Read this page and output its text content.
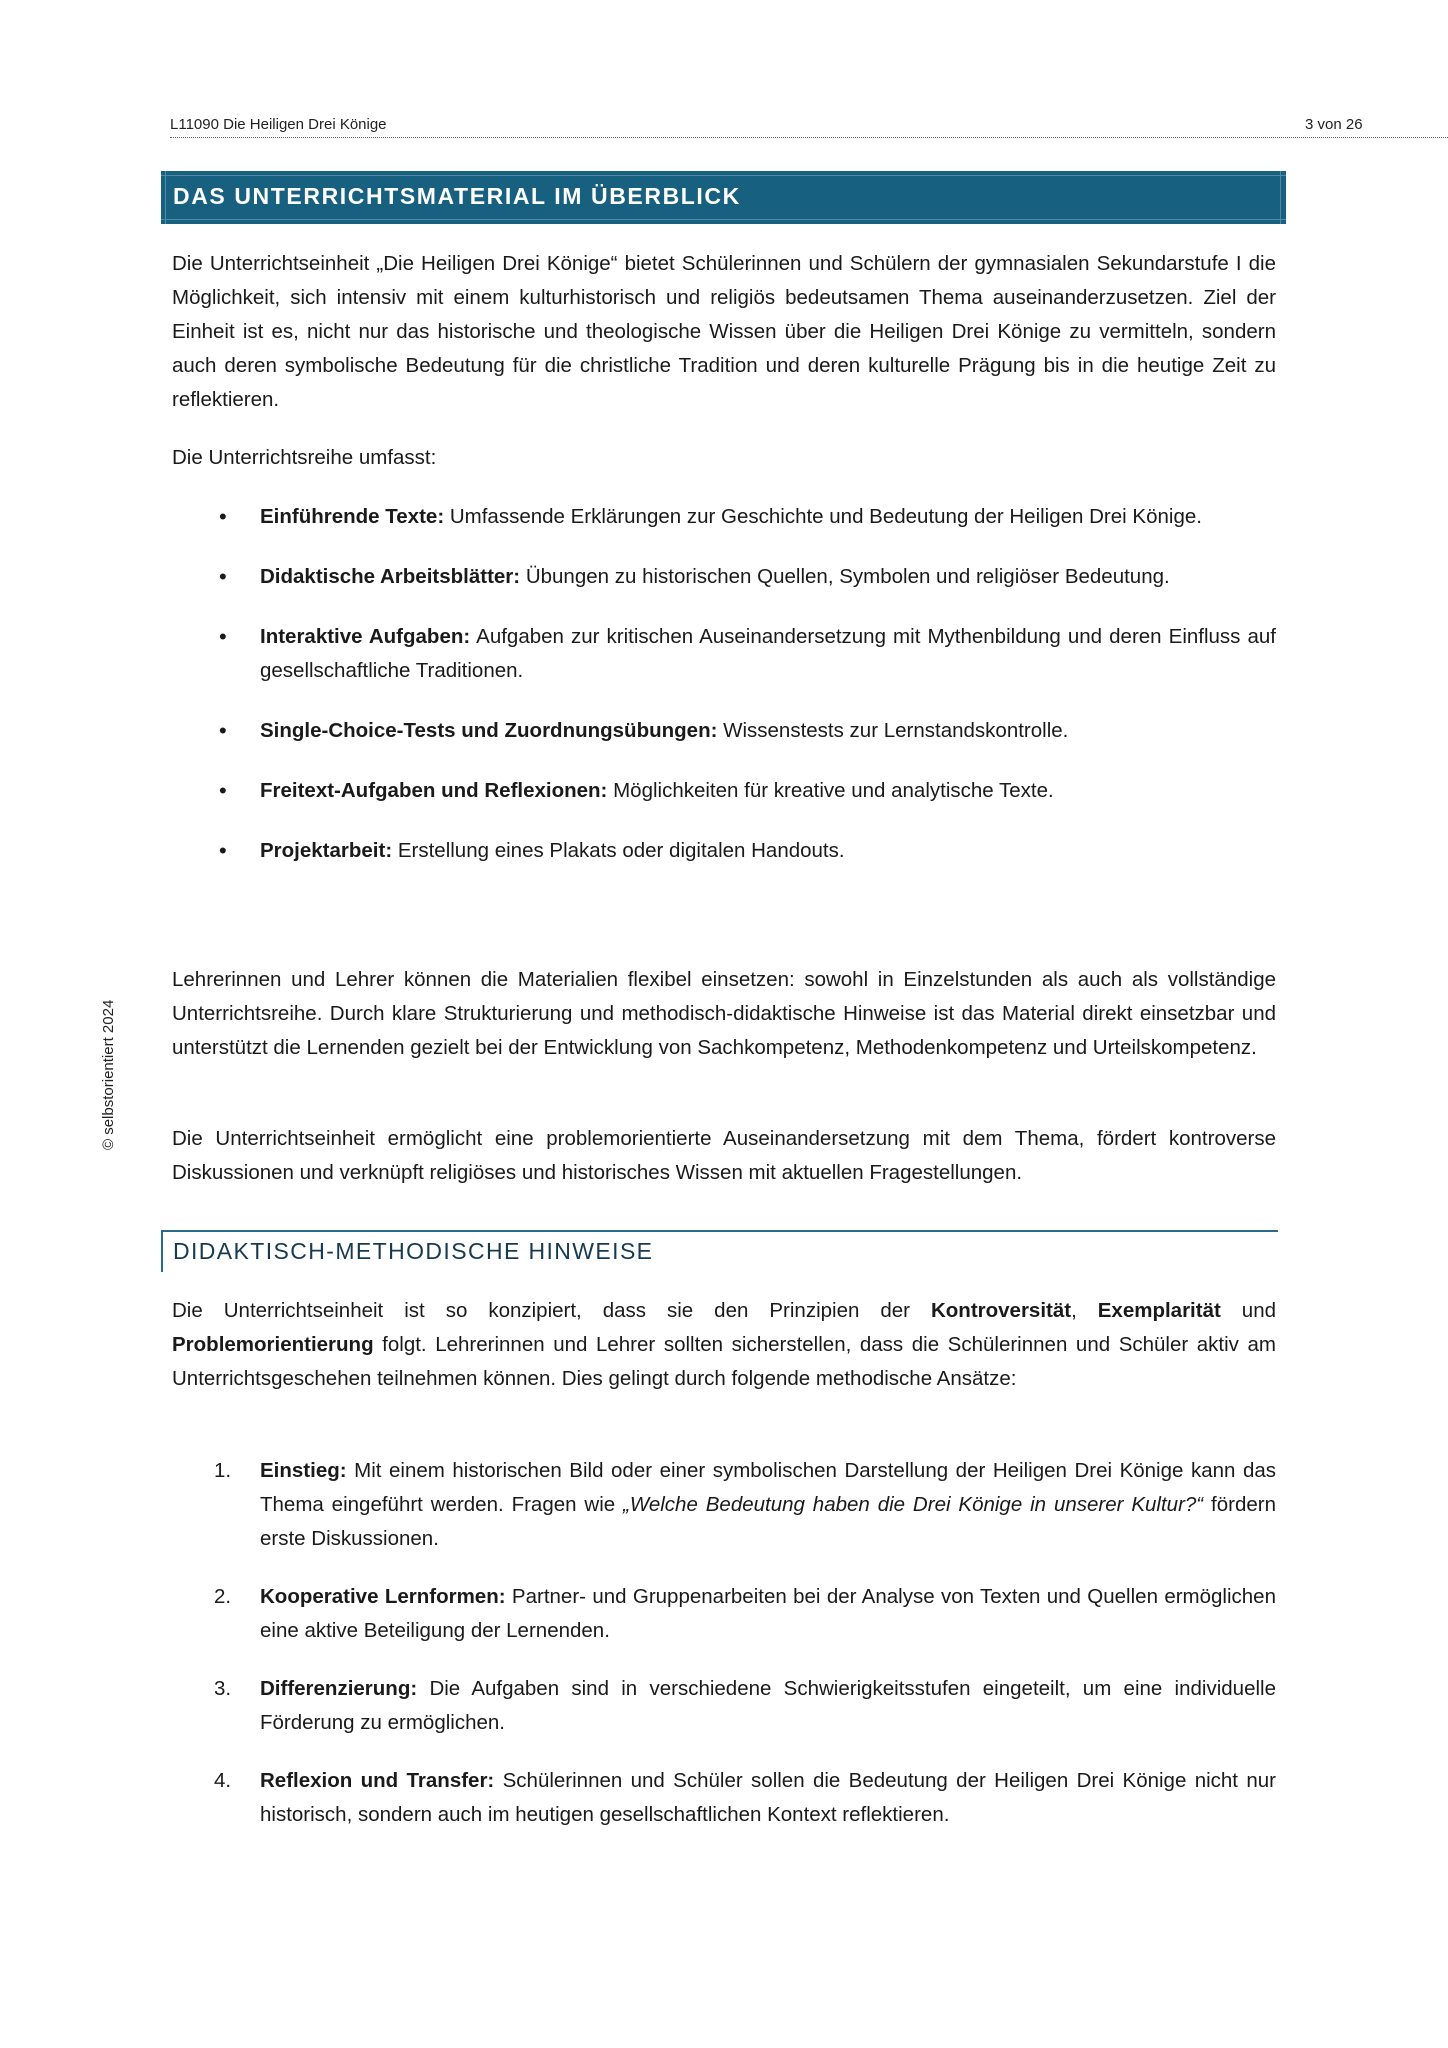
L11090 Die Heiligen Drei Könige	3 von 26
© selbstorientiert 2024
DAS UNTERRICHTSMATERIAL IM ÜBERBLICK

Die Unterrichtseinheit „Die Heiligen Drei Könige“ bietet Schülerinnen und Schülern der gymnasialen Sekundarstufe I die Möglichkeit, sich intensiv mit einem kulturhistorisch und religiös bedeutsamen Thema auseinanderzusetzen. Ziel der Einheit ist es, nicht nur das historische und theologische Wissen über die Heiligen Drei Könige zu vermitteln, sondern auch deren symbolische Bedeutung für die christliche Tradition und deren kulturelle Prägung bis in die heutige Zeit zu reflektieren.

Die Unterrichtsreihe umfasst:

• Einführende Texte: Umfassende Erklärungen zur Geschichte und Bedeutung der Heiligen Drei Könige.
• Didaktische Arbeitsblätter: Übungen zu historischen Quellen, Symbolen und religiöser Bedeutung.
• Interaktive Aufgaben: Aufgaben zur kritischen Auseinandersetzung mit Mythenbildung und deren Einfluss auf gesellschaftliche Traditionen.
• Single-Choice-Tests und Zuordnungsübungen: Wissenstests zur Lernstandskontrolle.
• Freitext-Aufgaben und Reflexionen: Möglichkeiten für kreative und analytische Texte.
• Projektarbeit: Erstellung eines Plakats oder digitalen Handouts.

Lehrerinnen und Lehrer können die Materialien flexibel einsetzen: sowohl in Einzelstunden als auch als vollständige Unterrichtsreihe. Durch klare Strukturierung und methodisch-didaktische Hinweise ist das Material direkt einsetzbar und unterstützt die Lernenden gezielt bei der Entwicklung von Sachkompetenz, Methodenkompetenz und Urteilskompetenz.

Die Unterrichtseinheit ermöglicht eine problemorientierte Auseinandersetzung mit dem Thema, fördert kontroverse Diskussionen und verknüpft religiöses und historisches Wissen mit aktuellen Fragestellungen.

DIDAKTISCH-METHODISCHE HINWEISE

Die Unterrichtseinheit ist so konzipiert, dass sie den Prinzipien der Kontroversität, Exemplarität und Problemorientierung folgt. Lehrerinnen und Lehrer sollten sicherstellen, dass die Schülerinnen und Schüler aktiv am Unterrichtsgeschehen teilnehmen können. Dies gelingt durch folgende methodische Ansätze:

1. Einstieg: Mit einem historischen Bild oder einer symbolischen Darstellung der Heiligen Drei Könige kann das Thema eingeführt werden. Fragen wie „Welche Bedeutung haben die Drei Könige in unserer Kultur?“ fördern erste Diskussionen.
2. Kooperative Lernformen: Partner- und Gruppenarbeiten bei der Analyse von Texten und Quellen ermöglichen eine aktive Beteiligung der Lernenden.
3. Differenzierung: Die Aufgaben sind in verschiedene Schwierigkeitsstufen eingeteilt, um eine individuelle Förderung zu ermöglichen.
4. Reflexion und Transfer: Schülerinnen und Schüler sollen die Bedeutung der Heiligen Drei Könige nicht nur historisch, sondern auch im heutigen gesellschaftlichen Kontext reflektieren.
